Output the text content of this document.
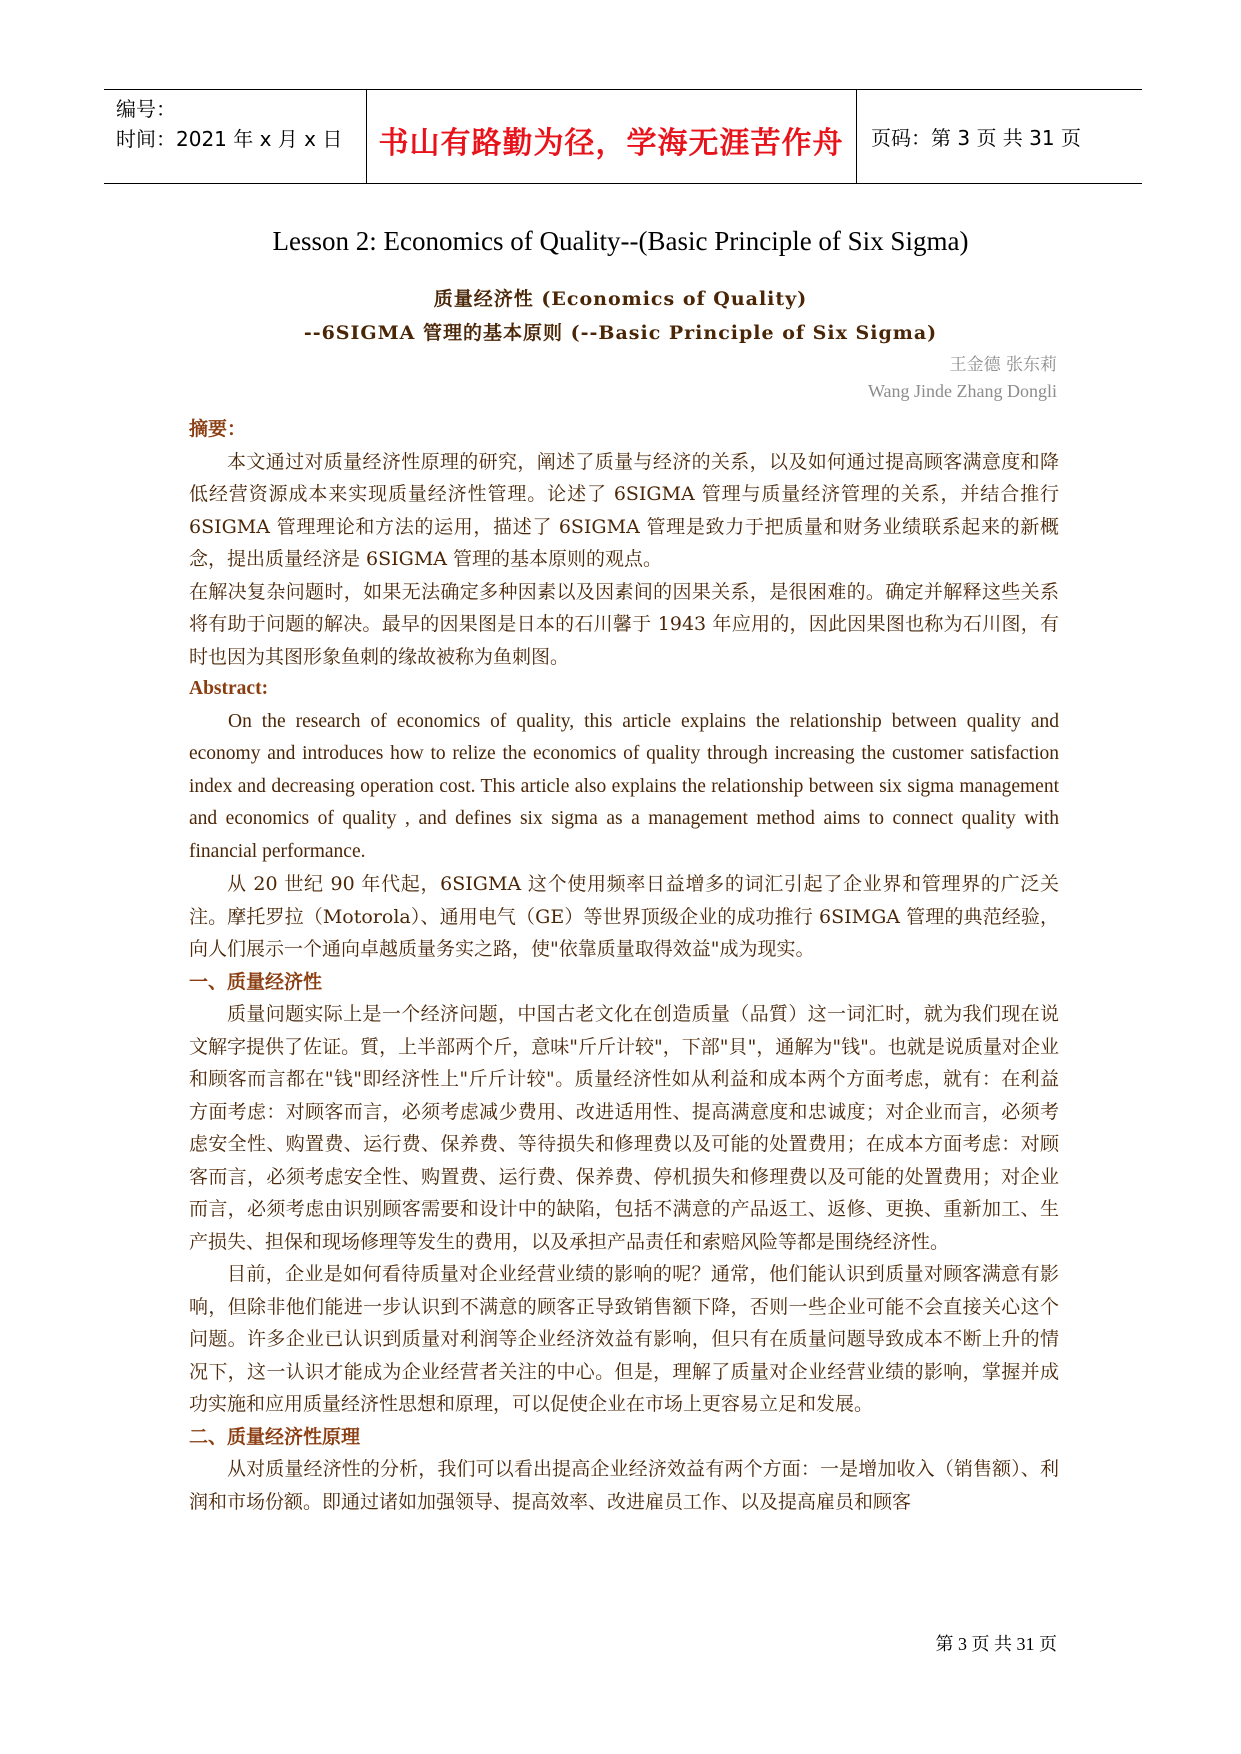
编号：
时间：2021 年 x 月 x 日	书山有路勤为径，学海无涯苦作舟	页码：第 3 页 共 31 页
Lesson 2: Economics of Quality--(Basic Principle of Six Sigma)
质量经济性 (Economics of Quality)
--6SIGMA 管理的基本原则 (--Basic Principle of Six Sigma)
王金德 张东莉
Wang Jinde Zhang Dongli

摘要：

本文通过对质量经济性原理的研究，阐述了质量与经济的关系，以及如何通过提高顾客满意度和降低经营资源成本来实现质量经济性管理。论述了 6SIGMA 管理与质量经济管理的关系，并结合推行 6SIGMA 管理理论和方法的运用，描述了 6SIGMA 管理是致力于把质量和财务业绩联系起来的新概念，提出质量经济是 6SIGMA 管理的基本原则的观点。

在解决复杂问题时，如果无法确定多种因素以及因素间的因果关系，是很困难的。确定并解释这些关系将有助于问题的解决。最早的因果图是日本的石川馨于 1943 年应用的，因此因果图也称为石川图，有时也因为其图形象鱼刺的缘故被称为鱼刺图。

Abstract:

On the research of economics of quality, this article explains the relationship between quality and economy and introduces how to relize the economics of quality through increasing the customer satisfaction index and decreasing operation cost. This article also explains the relationship between six sigma management and economics of quality , and defines six sigma as a management method aims to connect quality with financial performance.

从 20 世纪 90 年代起，6SIGMA 这个使用频率日益增多的词汇引起了企业界和管理界的广泛关注。摩托罗拉（Motorola）、通用电气（GE）等世界顶级企业的成功推行 6SIMGA 管理的典范经验，向人们展示一个通向卓越质量务实之路，使"依靠质量取得效益"成为现实。

一、质量经济性

质量问题实际上是一个经济问题，中国古老文化在创造质量（品質）这一词汇时，就为我们现在说文解字提供了佐证。質，上半部两个斤，意味"斤斤计较"，下部"貝"，通解为"钱"。也就是说质量对企业和顾客而言都在"钱"即经济性上"斤斤计较"。质量经济性如从利益和成本两个方面考虑，就有：在利益方面考虑：对顾客而言，必须考虑减少费用、改进适用性、提高满意度和忠诚度；对企业而言，必须考虑安全性、购置费、运行费、保养费、等待损失和修理费以及可能的处置费用；在成本方面考虑：对顾客而言，必须考虑安全性、购置费、运行费、保养费、停机损失和修理费以及可能的处置费用；对企业而言，必须考虑由识别顾客需要和设计中的缺陷，包括不满意的产品返工、返修、更换、重新加工、生产损失、担保和现场修理等发生的费用，以及承担产品责任和索赔风险等都是围绕经济性。

目前，企业是如何看待质量对企业经营业绩的影响的呢？通常，他们能认识到质量对顾客满意有影响，但除非他们能进一步认识到不满意的顾客正导致销售额下降，否则一些企业可能不会直接关心这个问题。许多企业已认识到质量对利润等企业经济效益有影响，但只有在质量问题导致成本不断上升的情况下，这一认识才能成为企业经营者关注的中心。但是，理解了质量对企业经营业绩的影响，掌握并成功实施和应用质量经济性思想和原理，可以促使企业在市场上更容易立足和发展。

二、质量经济性原理

从对质量经济性的分析，我们可以看出提高企业经济效益有两个方面：一是增加收入（销售额）、利润和市场份额。即通过诸如加强领导、提高效率、改进雇员工作、以及提高雇员和顾客

第 3 页 共 31 页
